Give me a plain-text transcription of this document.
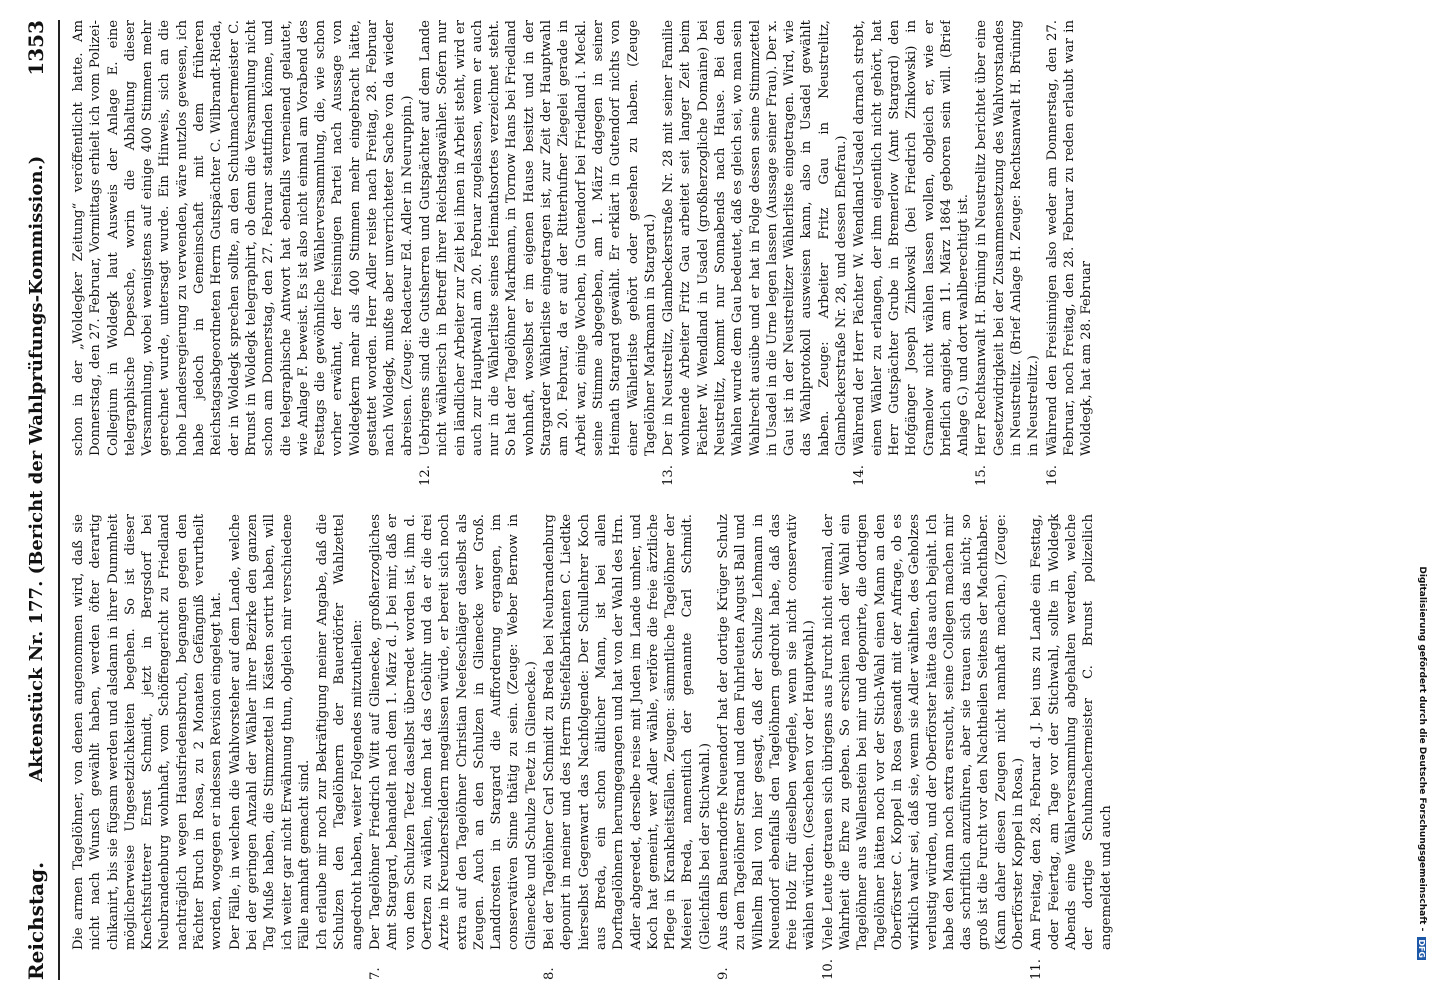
Reichstag.
Aktenstück Nr. 177. (Bericht der Wahlprüfungs-Kommission.)
1353

Die armen Tagelöhner, von denen angenommen wird, daß sie nicht nach Wunsch gewählt haben, werden öfter derartig chikanirt, bis sie fügsam werden und alsdann in ihrer Dummheit möglicherweise Ungesetzlichkeiten begehen. So ist dieser Knechtsfutterer Ernst Schmidt, jetzt in Bergsdorf bei Neubrandenburg wohnhaft, vom Schöffengericht zu Friedland nachträglich wegen Hausfriedensbruch, begangen gegen den Pächter Bruch in Rosa, zu 2 Monaten Gefängniß verurtheilt worden, wogegen er indessen Revision eingelegt hat. Der Fälle, in welchen die Wahlvorsteher auf dem Lande, welche bei der geringen Anzahl der Wähler ihrer Bezirke den ganzen Tag Muße haben, die Stimmzettel in Kästen sortirt haben, will ich weiter gar nicht Erwähnung thun, obgleich mir verschiedene Fälle namhaft gemacht sind. Ich erlaube mir noch zur Bekräftigung meiner Angabe, daß die Schulzen den Tagelöhnern der Bauerdörfer Wahlzettel angedroht haben, weiter Folgendes mitzutheilen:

7.

Der Tagelöhner Friedrich Witt auf Glienecke, großherzogliches Amt Stargard, behandelt nach dem 1. März d. J. bei mir, daß er von dem Schulzen Teetz daselbst überredet worden ist, ihm d. Oertzen zu wählen, indem hat das Gebühr und da er die drei Arzte in Kreuzhersfeldern megalissen würde, er bereit sich noch extra auf den Tagelöhner Christian Neefeschläger daselbst als Zeugen. Auch an den Schulzen in Glienecke wer Groß. Landdrosten in Stargard die Aufforderung ergangen, im conservativen Sinne thätig zu sein. (Zeuge: Weber Bernow in Glienecke und Schulze Teetz in Glienecke.)

8.

Bei der Tagelöhner Carl Schmidt zu Breda bei Neubrandenburg deponirt in meiner und des Herrn Stiefelfabrikanten C. Liedtke hierselbst Gegenwart das Nachfolgende: Der Schullehrer Koch aus Breda, ein schon ältlicher Mann, ist bei allen Dorftagelöhnern herumgegangen und hat von der Wahl des Hrn. Adler abgeredet, derselbe reise mit Juden im Lande umher, und Koch hat gemeint, wer Adler wähle, verlöre die freie ärztliche Pflege in Krankheitsfällen. Zeugen: sämmtliche Tagelöhner der Meierei Breda, namentlich der genannte Carl Schmidt. (Gleichfalls bei der Stichwahl.)

9.

Aus dem Bauerndorfe Neuendorf hat der dortige Krüger Schulz zu dem Tagelöhner Strand und dem Fuhrleuten August Ball und Wilhelm Ball von hier gesagt, daß der Schulze Lehmann in Neuendorf ebenfalls den Tagelöhnern gedroht habe, daß das freie Holz für dieselben wegfiele, wenn sie nicht conservativ wählen würden. (Geschehen vor der Hauptwahl.)

10.

Viele Leute getrauen sich übrigens aus Furcht nicht einmal, der Wahrheit die Ehre zu geben. So erschien nach der Wahl ein Tagelöhner aus Wallenstein bei mir und deponirte, die dortigen Tagelöhner hätten noch vor der Stich-Wahl einen Mann an den Oberförster C. Koppel in Rosa gesandt mit der Anfrage, ob es wirklich wahr sei, daß sie, wenn sie Adler wählten, des Geholzes verlustig würden, und der Oberförster hätte das auch bejaht. Ich habe den Mann noch extra ersucht, seine Collegen machen mir das schriftlich anzuführen, aber sie trauen sich das nicht; so groß ist die Furcht vor den Nachtheilen Seitens der Machthaber. (Kann daher diesen Zeugen nicht namhaft machen.) (Zeuge: Oberförster Koppel in Rosa.)

11.

Am Freitag, den 28. Februar d. J. bei uns zu Lande ein Festtag, oder Feiertag, am Tage vor der Stichwahl, sollte in Woldegk Abends eine Wählerversammlung abgehalten werden, welche der dortige Schuhmachermeister C. Brunst polizeilich angemeldet und auch

schon in der „Woldegker Zeitung“ veröffentlicht hatte. Am Donnerstag, den 27. Februar, Vormittags erhielt ich vom Polizei-Collegium in Woldegk laut Ausweis der Anlage E. eine telegraphische Depesche, worin die Abhaltung dieser Versammlung, wobei wenigstens auf einige 400 Stimmen mehr gerechnet wurde, untersagt wurde. Ein Hinweis, sich an die hohe Landesregierung zu verwenden, wäre nutzlos gewesen, ich habe jedoch in Gemeinschaft mit dem früheren Reichstagsabgeordneten Herrn Gutspächter C. Wilbrandt-Rieda, der in Woldegk sprechen sollte, an den Schuhmachermeister C. Brunst in Woldegk telegraphirt, ob denn die Versammlung nicht schon am Donnerstag, den 27. Februar stattfinden könne, und die telegraphische Antwort hat ebenfalls verneinend gelautet, wie Anlage F. beweist. Es ist also nicht einmal am Vorabend des Festtags die gewöhnliche Wählerversammlung, die, wie schon vorher erwähnt, der freisinnigen Partei nach Aussage von Woldegkern mehr als 400 Stimmen mehr eingebracht hätte, gestattet worden. Herr Adler reiste nach Freitag, 28. Februar nach Woldegk, mußte aber unverrichteter Sache von da wieder abreisen. (Zeuge: Redacteur Ed. Adler in Neuruppin.)

12.

Uebrigens sind die Gutsherren und Gutspächter auf dem Lande nicht wählerisch in Betreff ihrer Reichstagswähler. Sofern nur ein ländlicher Arbeiter zur Zeit bei ihnen in Arbeit steht, wird er auch zur Hauptwahl am 20. Februar zugelassen, wenn er auch nur in die Wählerliste seines Heimathsortes verzeichnet steht. So hat der Tagelöhner Markmann, in Tornow Hans bei Friedland wohnhaft, woselbst er im eigenen Hause besitzt und in der Stargarder Wählerliste eingetragen ist, zur Zeit der Hauptwahl am 20. Februar, da er auf der Ritterhufner Ziegelei gerade in Arbeit war, einige Wochen, in Gutendorf bei Friedland i. Meckl. seine Stimme abgegeben, am 1. März dagegen in seiner Heimath Stargard gewählt. Er erklärt in Gutendorf nichts von einer Wählerliste gehört oder gesehen zu haben. (Zeuge Tagelöhner Markmann in Stargard.)

13.

Der in Neustrelitz, Glambeckerstraße Nr. 28 mit seiner Familie wohnende Arbeiter Fritz Gau arbeitet seit langer Zeit beim Pächter W. Wendland in Usadel (großherzogliche Domaine) bei Neustrelitz, kommt nur Sonnabends nach Hause. Bei den Wahlen wurde dem Gau bedeutet, daß es gleich sei, wo man sein Wahlrecht ausübe und er hat in Folge dessen seine Stimmzettel in Usadel in die Urne legen lassen (Aussage seiner Frau). Der x. Gau ist in der Neustrelitzer Wählerliste eingetragen. Wird, wie das Wahlprotokoll ausweisen kann, also in Usadel gewählt haben. Zeuge: Arbeiter Fritz Gau in Neustrelitz, Glambeckerstraße Nr. 28, und dessen Ehefrau.)

14.

Während der Herr Pächter W. Wendland-Usadel darnach strebt, einen Wähler zu erlangen, der ihm eigentlich nicht gehört, hat Herr Gutspächter Grube in Bremerlow (Amt Stargard) den Hofgänger Joseph Zinkowski (bei Friedrich Zinkowski) in Gramelow nicht wählen lassen wollen, obgleich er, wie er brieflich angiebt, am 11. März 1864 geboren sein will. (Brief Anlage G.) und dort wahlberechtigt ist.

15.

Herr Rechtsanwalt H. Brüning in Neustrelitz berichtet über eine Gesetzwidrigkeit bei der Zusammensetzung des Wahlvorstandes in Neustrelitz. (Brief Anlage H. Zeuge: Rechtsanwalt H. Brüning in Neustrelitz.)

16.

Während den Freisinnigen also weder am Donnerstag, den 27. Februar, noch Freitag, den 28. Februar zu reden erlaubt war in Woldegk, hat am 28. Februar

Digitalisierung gefördert durch die Deutsche Forschungsgemeinschaft -
DFG
